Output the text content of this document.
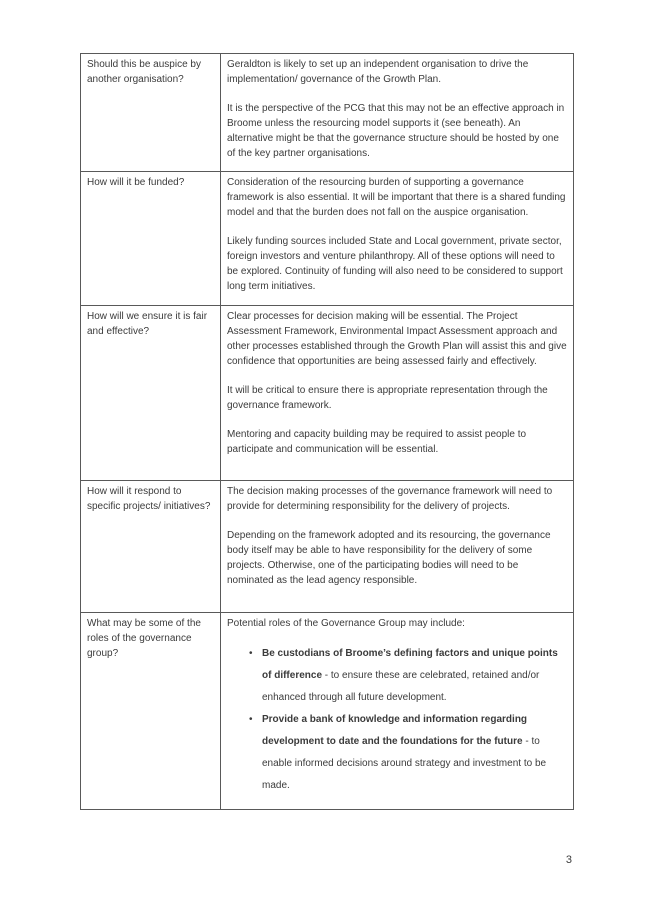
Should this be auspice by another organisation?	Geraldton is likely to set up an independent organisation to drive the implementation/ governance of the Growth Plan.

It is the perspective of the PCG that this may not be an effective approach in Broome unless the resourcing model supports it (see beneath). An alternative might be that the governance structure should be hosted by one of the key partner organisations.

How will it be funded?	Consideration of the resourcing burden of supporting a governance framework is also essential. It will be important that there is a shared funding model and that the burden does not fall on the auspice organisation.

Likely funding sources included State and Local government, private sector, foreign investors and venture philanthropy. All of these options will need to be explored. Continuity of funding will also need to be considered to support long term initiatives.

How will we ensure it is fair and effective?	Clear processes for decision making will be essential. The Project Assessment Framework, Environmental Impact Assessment approach and other processes established through the Growth Plan will assist this and give confidence that opportunities are being assessed fairly and effectively.

It will be critical to ensure there is appropriate representation through the governance framework.

Mentoring and capacity building may be required to assist people to participate and communication will be essential.

How will it respond to specific projects/ initiatives?	The decision making processes of the governance framework will need to provide for determining responsibility for the delivery of projects.

Depending on the framework adopted and its resourcing, the governance body itself may be able to have responsibility for the delivery of some projects. Otherwise, one of the participating bodies will need to be nominated as the lead agency responsible.

What may be some of the roles of the governance group?	Potential roles of the Governance Group may include:

• Be custodians of Broome’s defining factors and unique points of difference - to ensure these are celebrated, retained and/or enhanced through all future development.
• Provide a bank of knowledge and information regarding development to date and the foundations for the future - to enable informed decisions around strategy and investment to be made.
3
